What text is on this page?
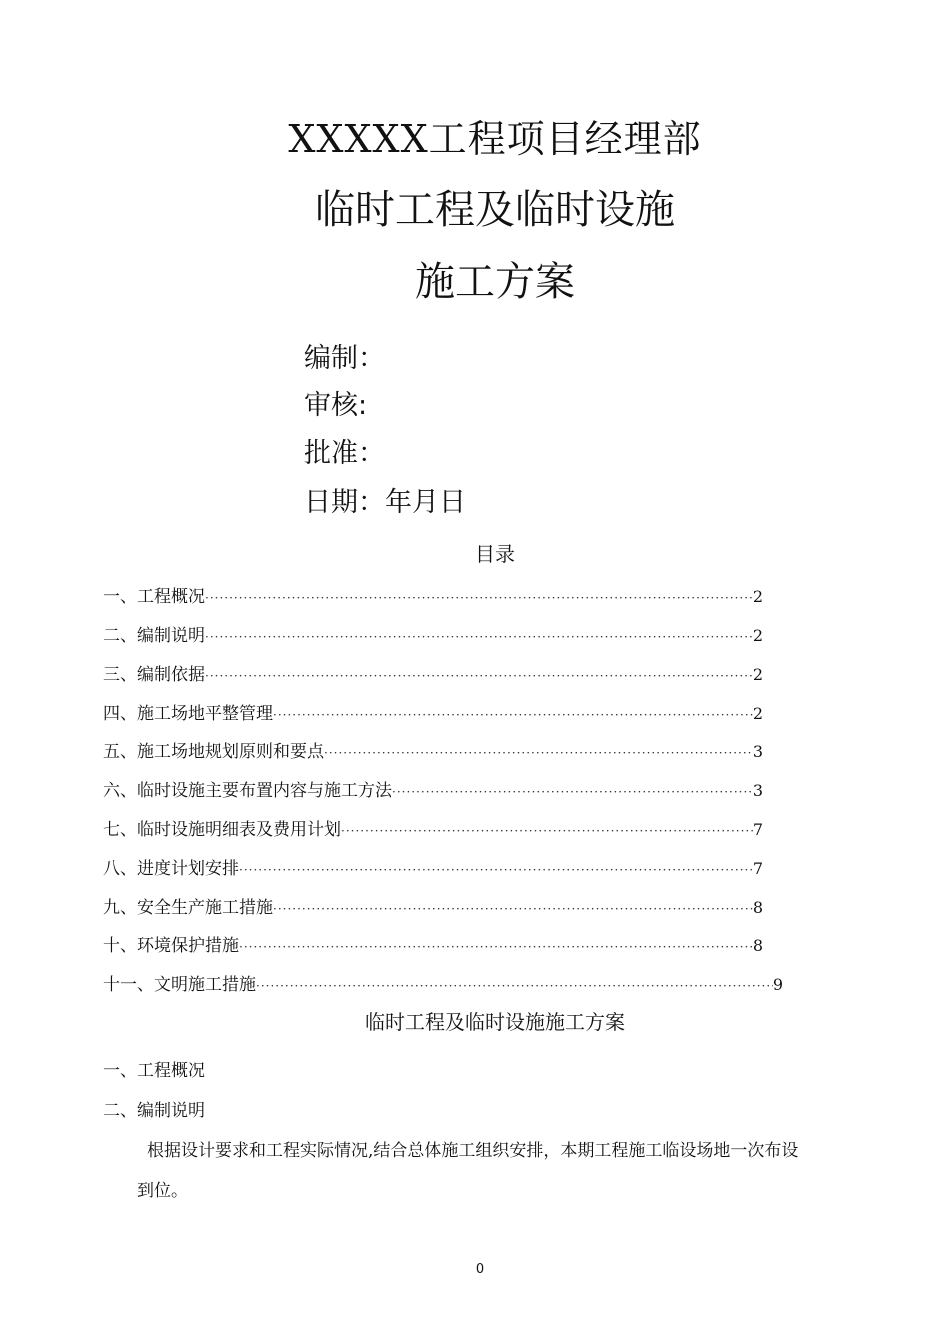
XXXXX工程项目经理部
临时工程及临时设施
施工方案
编制：
审核:
批准：
日期：年月日
目录
一、工程概况 ·····	2
二、编制说明 ·····	2
三、编制依据 ·····	2
四、施工场地平整管理 ·····	2
五、施工场地规划原则和要点 ·····	3
六、临时设施主要布置内容与施工方法 ·····	3
七、临时设施明细表及费用计划 ·····	7
八、进度计划安排 ·····	7
九、安全生产施工措施 ·····	8
十、环境保护措施 ·····	8
十一、文明施工措施 ·····	9
临时工程及临时设施施工方案
一、工程概况
二、编制说明
根据设计要求和工程实际情况,结合总体施工组织安排，本期工程施工临设场地一次布设
到位。
0
